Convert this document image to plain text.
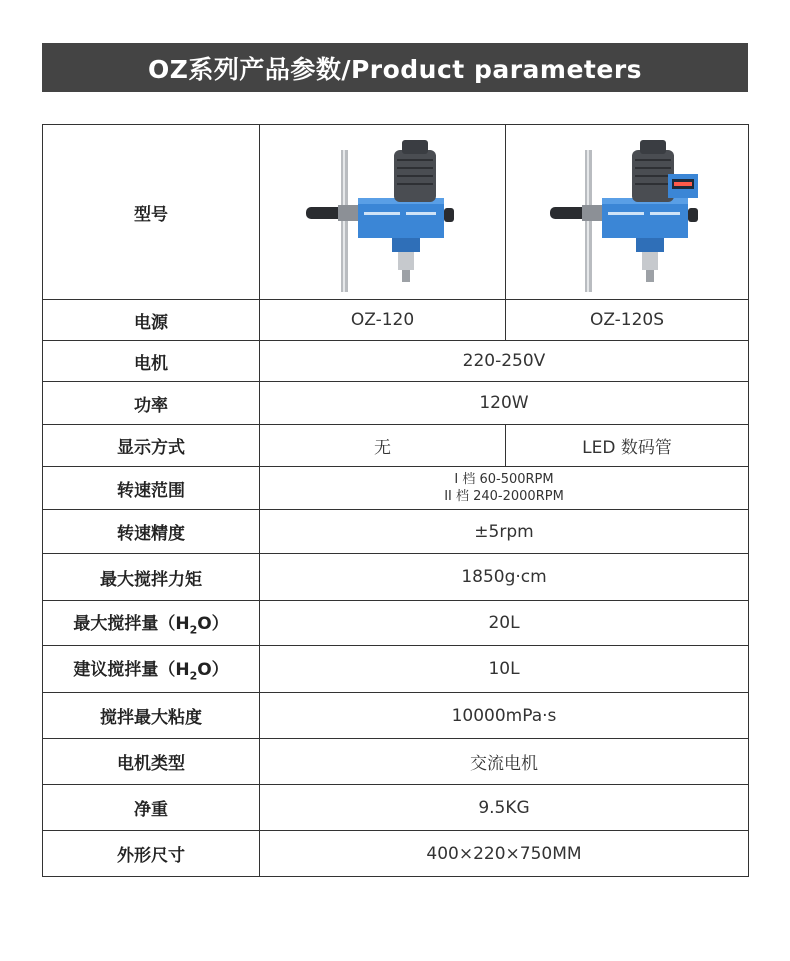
OZ系列产品参数/Product parameters
型号	

电源	OZ-120	OZ-120S
电机	220-250V	
功率	120W	
显示方式	无	LED 数码管
转速范围	I 档 60-500RPM
II 档 240-2000RPM	

转速精度	±5rpm	
最大搅拌力矩	1850g·cm	
最大搅拌量$(H_2O)$	20L	
建议搅拌量$(H_2O)$	10L	
搅拌最大粘度	10000mPa·s	
电机类型	交流电机	
净重	9.5KG	
外形尺寸	400×220×750MM	
